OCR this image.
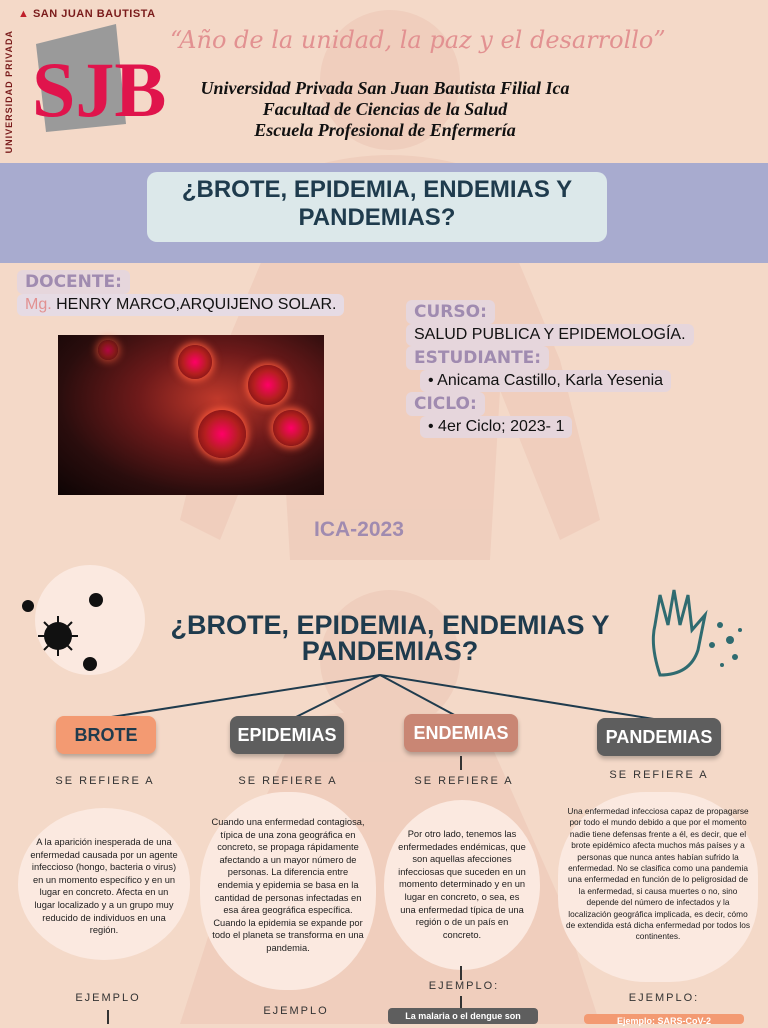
▲ SAN JUAN BAUTISTA
UNIVERSIDAD PRIVADA SJB
“Año de la unidad, la paz y el desarrollo”
Universidad Privada San Juan Bautista Filial Ica
Facultad de Ciencias de la Salud
Escuela Profesional de Enfermería
¿BROTE, EPIDEMIA, ENDEMIAS Y
PANDEMIAS?
DOCENTE:
Mg. HENRY MARCO,ARQUIJENO SOLAR.	CURSO:
SALUD PUBLICA Y EPIDEMOLOGÍA.
ESTUDIANTE:
• Anicama Castillo, Karla Yesenia
CICLO:
• 4er Ciclo; 2023- 1
ICA-2023
¿BROTE, EPIDEMIA, ENDEMIAS Y
PANDEMIAS?
BROTE
SE REFIERE A
A la aparición inesperada de una enfermedad causada por un agente infeccioso (hongo, bacteria o virus) en un momento específico y en un lugar en concreto. Afecta en un lugar localizado y a un grupo muy reducido de individuos en una región.
EJEMPLO
EPIDEMIAS
SE REFIERE A
Cuando una enfermedad contagiosa, típica de una zona geográfica en concreto, se propaga rápidamente afectando a un mayor número de personas. La diferencia entre endemia y epidemia se basa en la cantidad de personas infectadas en esa área geográfica específica. Cuando la epidemia se expande por todo el planeta se transforma en una pandemia.
EJEMPLO
ENDEMIAS
SE REFIERE A
Por otro lado, tenemos las enfermedades endémicas, que son aquellas afecciones infecciosas que suceden en un momento determinado y en un lugar en concreto, o sea, es una enfermedad típica de una región o de un país en concreto.
EJEMPLO:
La malaria o el dengue son
PANDEMIAS
SE REFIERE A
Una enfermedad infecciosa capaz de propagarse por todo el mundo debido a que por el momento nadie tiene defensas frente a él, es decir, que el brote epidémico afecta muchos más países y a personas que nunca antes habían sufrido la enfermedad. No se clasifica como una pandemia una enfermedad en función de lo peligrosidad de la enfermedad, si causa muertes o no, sino depende del número de infectados y la localización geográfica implicada, es decir, cómo de extendida está dicha enfermedad por todos los continentes.
EJEMPLO:
Ejemplo: SARS-CoV-2
